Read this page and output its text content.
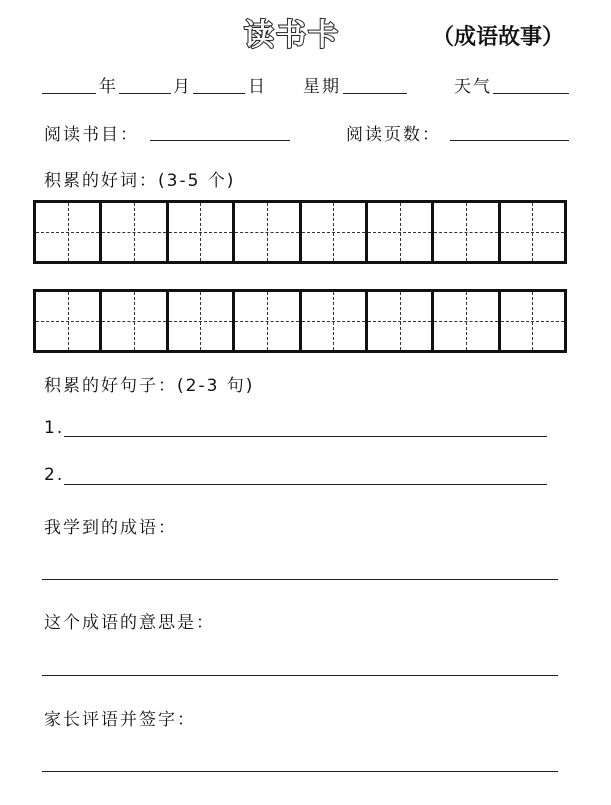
读书卡	（成语故事）
年	月	日 星期	天气
阅读书目：	阅读页数：
积累的好词：(3-5 个)
积累的好句子：(2-3 句)
1.
2.
我学到的成语：
这个成语的意思是：
家长评语并签字：
